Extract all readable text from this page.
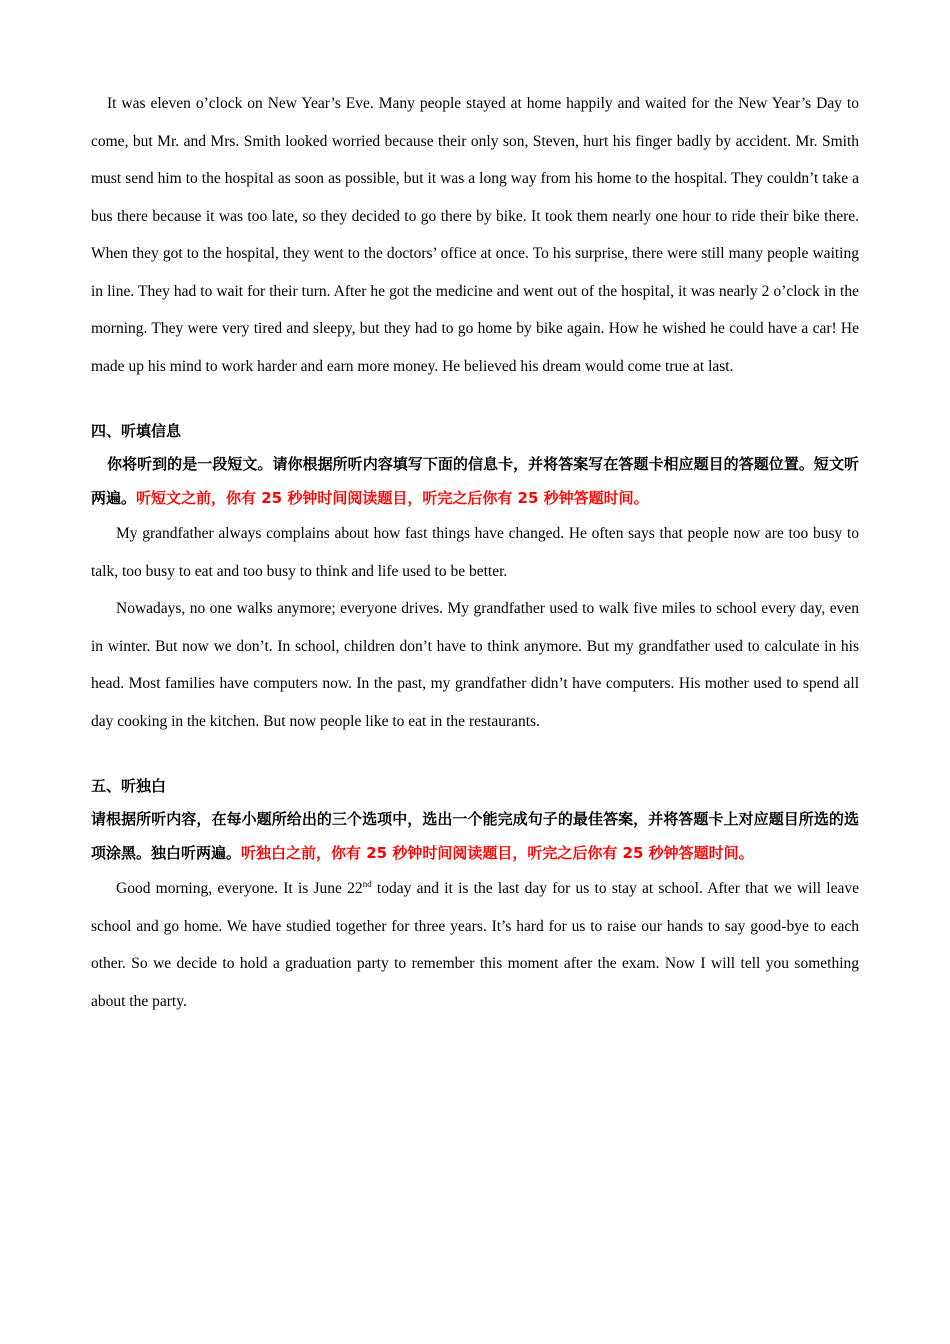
It was eleven o’clock on New Year’s Eve. Many people stayed at home happily and waited for the New Year’s Day to come, but Mr. and Mrs. Smith looked worried because their only son, Steven, hurt his finger badly by accident. Mr. Smith must send him to the hospital as soon as possible, but it was a long way from his home to the hospital. They couldn’t take a bus there because it was too late, so they decided to go there by bike. It took them nearly one hour to ride their bike there. When they got to the hospital, they went to the doctors’ office at once. To his surprise, there were still many people waiting in line. They had to wait for their turn. After he got the medicine and went out of the hospital, it was nearly 2 o’clock in the morning. They were very tired and sleepy, but they had to go home by bike again. How he wished he could have a car! He made up his mind to work harder and earn more money. He believed his dream would come true at last.

四、听填信息

你将听到的是一段短文。请你根据所听内容填写下面的信息卡，并将答案写在答题卡相应题目的答题位置。短文听两遍。听短文之前，你有 25 秒钟时间阅读题目，听完之后你有 25 秒钟答题时间。

My grandfather always complains about how fast things have changed. He often says that people now are too busy to talk, too busy to eat and too busy to think and life used to be better.

Nowadays, no one walks anymore; everyone drives. My grandfather used to walk five miles to school every day, even in winter. But now we don’t. In school, children don’t have to think anymore. But my grandfather used to calculate in his head. Most families have computers now. In the past, my grandfather didn’t have computers. His mother used to spend all day cooking in the kitchen. But now people like to eat in the restaurants.

五、听独白

请根据所听内容，在每小题所给出的三个选项中，选出一个能完成句子的最佳答案，并将答题卡上对应题目所选的选项涂黑。独白听两遍。听独白之前，你有 25 秒钟时间阅读题目，听完之后你有 25 秒钟答题时间。

Good morning, everyone. It is June 22nd today and it is the last day for us to stay at school. After that we will leave school and go home. We have studied together for three years. It’s hard for us to raise our hands to say good-bye to each other. So we decide to hold a graduation party to remember this moment after the exam. Now I will tell you something about the party.
